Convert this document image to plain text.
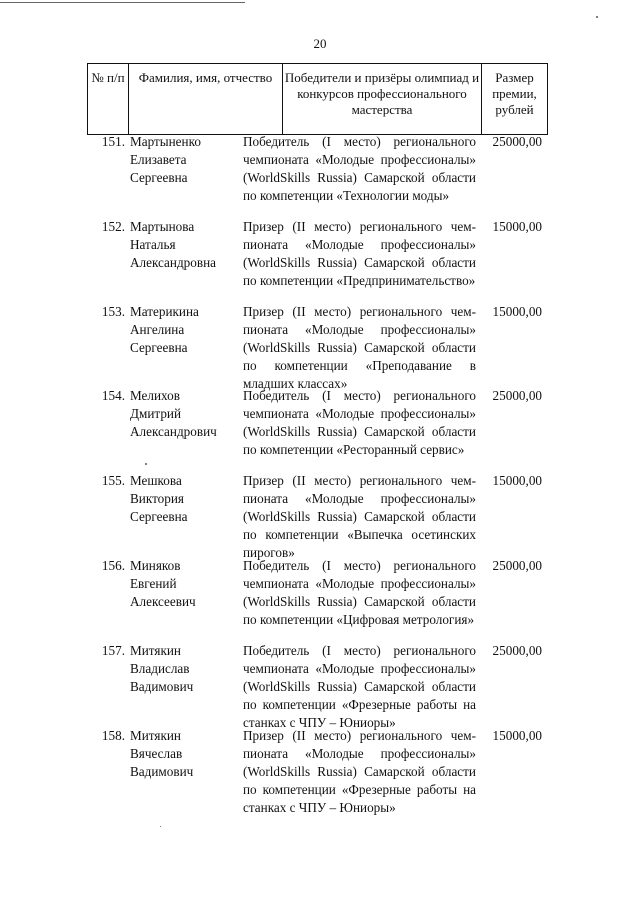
20
№ п/п	Фамилия, имя, отчество Победители и призёры олимпиад и конкурсов профессионального мастерства
Размер премии, рублей
151. Мартыненко
Елизавета
Сергеевна
Победитель (I место) регионального чемпионата «Молодые профессионалы» (WorldSkills Russia) Самарской области по компетенции «Технологии моды»
25000,00
152. Мартынова
Наталья
Александровна
Призер (II место) регионального чемпионата «Молодые профессионалы» (WorldSkills Russia) Самарской области по компетенции «Предпринимательство»
15000,00
153. Материкина
Ангелина
Сергеевна
Призер (II место) регионального чемпионата «Молодые профессионалы» (WorldSkills Russia) Самарской области по компетенции «Преподавание в младших классах»
15000,00
154. Мелихов
Дмитрий
Александрович
Победитель (I место) регионального чемпионата «Молодые профессионалы» (WorldSkills Russia) Самарской области по компетенции «Ресторанный сервис»
25000,00
155. Мешкова
Виктория
Сергеевна
Призер (II место) регионального чемпионата «Молодые профессионалы» (WorldSkills Russia) Самарской области по компетенции «Выпечка осетинских пирогов»
15000,00
156. Миняков
Евгений
Алексеевич
Победитель (I место) регионального чемпионата «Молодые профессионалы» (WorldSkills Russia) Самарской области по компетенции «Цифровая метрология»
25000,00
157. Митякин
Владислав
Вадимович
Победитель (I место) регионального чемпионата «Молодые профессионалы» (WorldSkills Russia) Самарской области по компетенции «Фрезерные работы на станках с ЧПУ – Юниоры»
25000,00
158. Митякин
Вячеслав
Вадимович
Призер (II место) регионального чемпионата «Молодые профессионалы» (WorldSkills Russia) Самарской области по компетенции «Фрезерные работы на станках с ЧПУ – Юниоры»
15000,00
